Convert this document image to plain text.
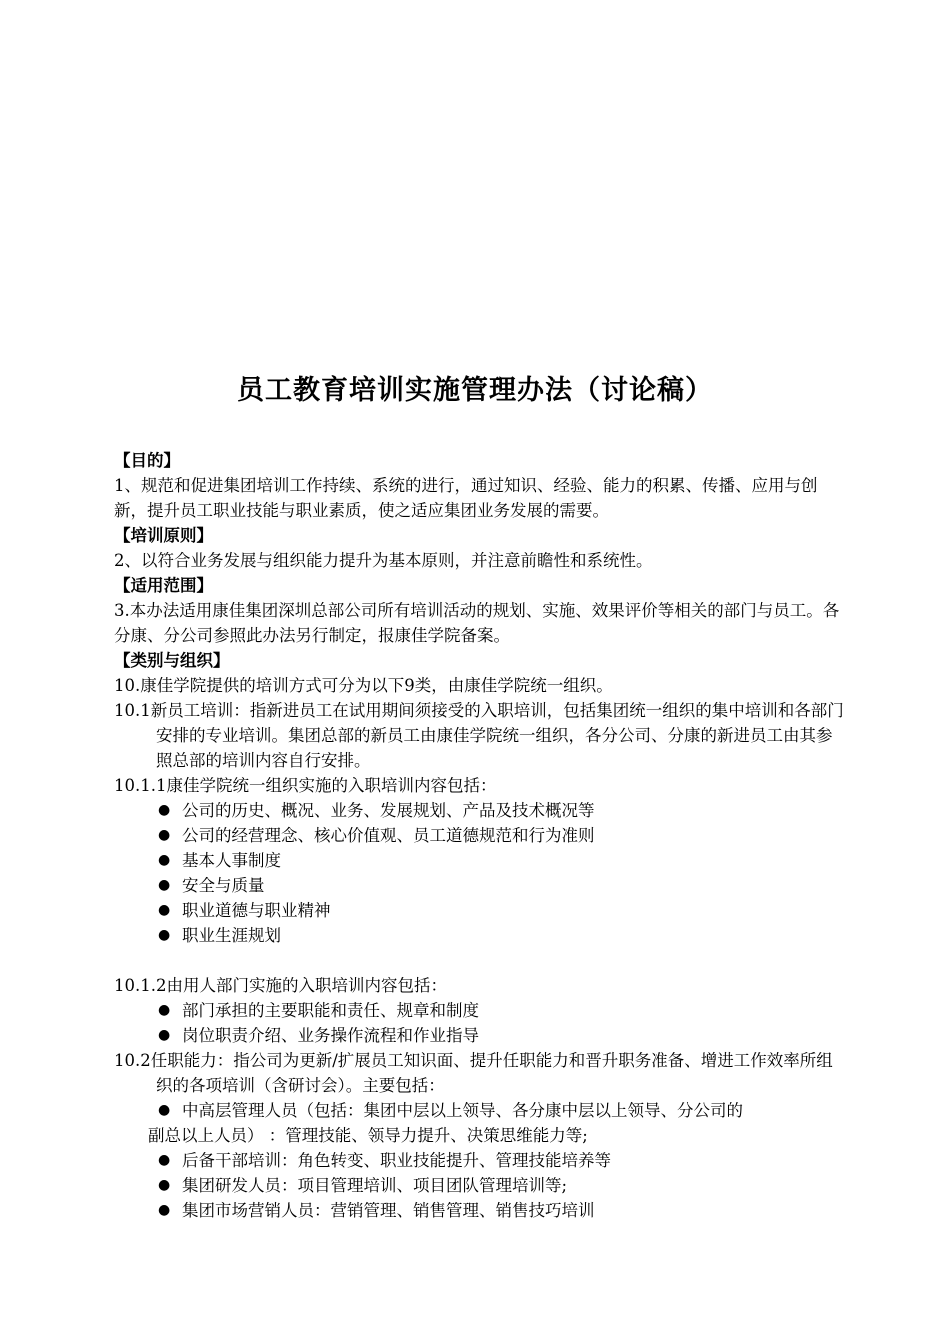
员工教育培训实施管理办法（讨论稿）

【目的】

1、规范和促进集团培训工作持续、系统的进行，通过知识、经验、能力的积累、传播、应用与创新，提升员工职业技能与职业素质，使之适应集团业务发展的需要。

【培训原则】

2、以符合业务发展与组织能力提升为基本原则，并注意前瞻性和系统性。

【适用范围】

3.本办法适用康佳集团深圳总部公司所有培训活动的规划、实施、效果评价等相关的部门与员工。各分康、分公司参照此办法另行制定，报康佳学院备案。

【类别与组织】

10.康佳学院提供的培训方式可分为以下9类，由康佳学院统一组织。

10.1新员工培训：指新进员工在试用期间须接受的入职培训，包括集团统一组织的集中培训和各部门安排的专业培训。集团总部的新员工由康佳学院统一组织，各分公司、分康的新进员工由其参照总部的培训内容自行安排。

10.1.1康佳学院统一组织实施的入职培训内容包括：

● 公司的历史、概况、业务、发展规划、产品及技术概况等
● 公司的经营理念、核心价值观、员工道德规范和行为准则
● 基本人事制度
● 安全与质量
● 职业道德与职业精神
● 职业生涯规划

10.1.2由用人部门实施的入职培训内容包括：

● 部门承担的主要职能和责任、规章和制度
● 岗位职责介绍、业务操作流程和作业指导

10.2任职能力：指公司为更新/扩展员工知识面、提升任职能力和晋升职务准备、增进工作效率所组织的各项培训（含研讨会）。主要包括：

● 中高层管理人员（包括：集团中层以上领导、各分康中层以上领导、分公司的
副总以上人员） ：管理技能、领导力提升、决策思维能力等;
● 后备干部培训：角色转变、职业技能提升、管理技能培养等
● 集团研发人员：项目管理培训、项目团队管理培训等;
● 集团市场营销人员：营销管理、销售管理、销售技巧培训
